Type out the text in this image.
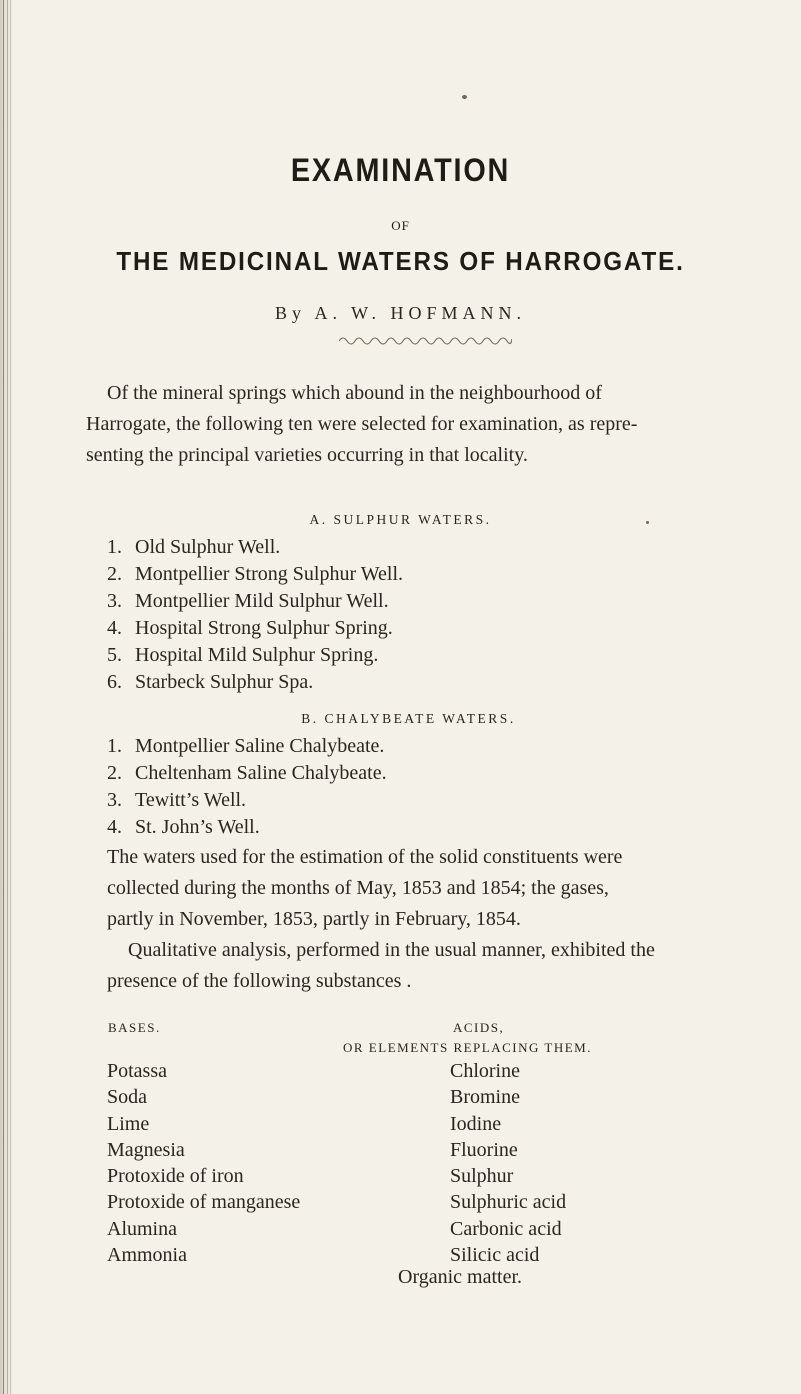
EXAMINATION
OF
THE MEDICINAL WATERS OF HARROGATE.
By A. W. HOFMANN.

Of the mineral springs which abound in the neighbourhood of

Harrogate, the following ten were selected for examination, as repre-
senting the principal varieties occurring in that locality.

A. SULPHUR WATERS.
1. Old Sulphur Well.
2. Montpellier Strong Sulphur Well.
3. Montpellier Mild Sulphur Well.
4. Hospital Strong Sulphur Spring.
5. Hospital Mild Sulphur Spring.
6. Starbeck Sulphur Spa.
B. CHALYBEATE WATERS.
1. Montpellier Saline Chalybeate.
2. Cheltenham Saline Chalybeate.
3. Tewitt’s Well.
4. St. John’s Well.

The waters used for the estimation of the solid constituents were
collected during the months of May, 1853 and 1854; the gases,
partly in November, 1853, partly in February, 1854.

Qualitative analysis, performed in the usual manner, exhibited the

presence of the following substances .

BASES.	ACIDS,
OR ELEMENTS REPLACING THEM.
Potassa
Soda
Lime
Magnesia
Protoxide of iron
Protoxide of manganese
Alumina
Ammonia
Chlorine
Bromine
Iodine
Fluorine
Sulphur
Sulphuric acid
Carbonic acid
Silicic acid
Organic matter.
